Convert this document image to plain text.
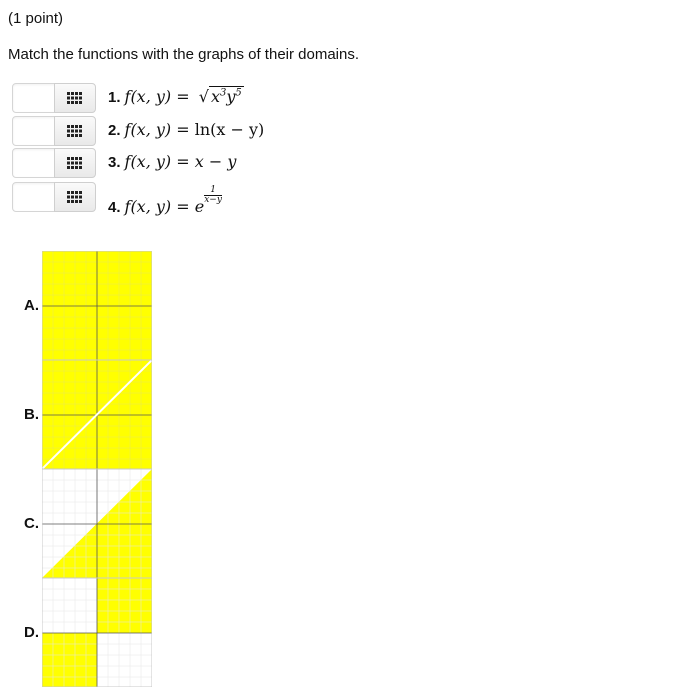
(1 point)
Match the functions with the graphs of their domains.
1. f(x, y) = √ $x^3y^5$
2. f(x, y) = ln(x − y)
3. f(x, y) = x − y
4. f(x, y) = e
$^{\frac{1}{x-y}}$
A.
B.
C.
D.
